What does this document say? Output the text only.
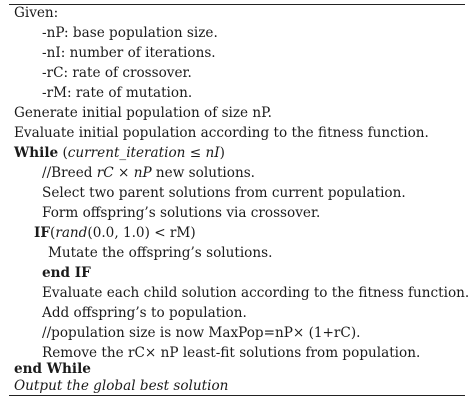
Given:
-nP: base population size.
-nI: number of iterations.
-rC: rate of crossover.
-rM: rate of mutation.
Generate initial population of size nP.
Evaluate initial population according to the fitness function.
While (current_iteration ≤ nI)
//Breed rC × nP new solutions.
Select two parent solutions from current population.
Form offspring’s solutions via crossover.
IF(rand(0.0, 1.0) < rM)
Mutate the offspring’s solutions.
end IF
Evaluate each child solution according to the fitness function.
Add offspring’s to population.
//population size is now MaxPop=nP× (1+rC).
Remove the rC× nP least-fit solutions from population.
end While
Output the global best solution
